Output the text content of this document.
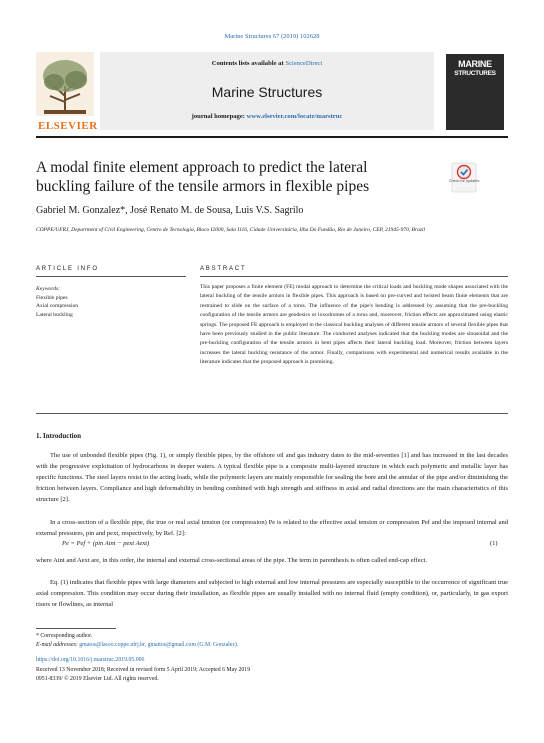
Marine Structures 67 (2019) 102628
ELSEVIER
Contents lists available at ScienceDirect
Marine Structures
journal homepage: www.elsevier.com/locate/marstruc
MARINE
STRUCTURES
A modal finite element approach to predict the lateral buckling failure of the tensile armors in flexible pipes	Check for updates
Gabriel M. Gonzalez*, José Renato M. de Sousa, Luis V.S. Sagrilo
COPPE/UFRJ, Department of Civil Engineering, Centro de Tecnologia, Bloco I2000, Sala I116, Cidade Universitária, Ilha Do Fundão, Rio de Janeiro, CEP, 21945-970, Brazil
ARTICLE INFO	ABSTRACT
Keywords:
Flexible pipes
Axial compression
Lateral buckling
This paper proposes a finite element (FE) modal approach to determine the critical loads and buckling mode shapes associated with the lateral buckling of the tensile armors in flexible pipes. This approach is based on pre-curved and twisted beam finite elements that are restrained to slide on the surface of a torus. The influence of the pipe's bending is addressed by assuming that the pre-buckling configuration of the tensile armors are geodesics or loxodromes of a torus and, moreover, friction effects are approximated using elastic springs. The proposed FE approach is employed in the classical buckling analyses of different tensile armors of several flexible pipes that have been previously studied in the public literature. The conducted analyses indicated that the buckling modes are sinusoidal and the pre-buckling configuration of the tensile armors in bent pipes affects their lateral buckling load. Moreover, friction between layers increases the lateral buckling resistance of the armor. Finally, comparisons with experimental and numerical results available in the literature indicates that the proposed approach is promising.
1. Introduction
The use of unbonded flexible pipes (Fig. 1), or simply flexible pipes, by the offshore oil and gas industry dates to the mid-seventies [1] and has increased in the last decades with the progressive exploitation of hydrocarbons in deeper waters. A typical flexible pipe is a composite multi-layered structure in which each polymeric and metallic layer has specific functions. The steel layers resist to the acting loads, while the polymeric layers are mainly responsible for sealing the bore and the annular of the pipe and/or diminishing the friction between layers. Compliance and high deformability in bending combined with high strength and stiffness in axial and radial directions are the main characteristics of this structure [2].
In a cross-section of a flexible pipe, the true or real axial tension (or compression) Pe is related to the effective axial tension or compression Pef and the imposed internal and external pressures, pin and pext, respectively, by Ref. [2]:
Pe = Pef + (pin Aint − pext Aext)	(1)
where Aint and Aext are, in this order, the internal and external cross-sectional areas of the pipe. The term in parenthesis is often called end-cap effect.
Eq. (1) indicates that flexible pipes with large diameters and subjected to high external and low internal pressures are especially susceptible to the occurrence of significant true axial compression. This condition may occur during their installation, as flexible pipes are usually installed with no internal fluid (empty condition), or, particularly, in gas export risers or flowlines, as internal
* Corresponding author.
E-mail addresses: gmatos@laceo.coppe.ufrj.br, gmattos@gmail.com (G.M. Gonzalez).
https://doi.org/10.1016/j.marstruc.2019.05.006
Received 13 November 2018; Received in revised form 5 April 2019; Accepted 6 May 2019
0951-8339/ © 2019 Elsevier Ltd. All rights reserved.
